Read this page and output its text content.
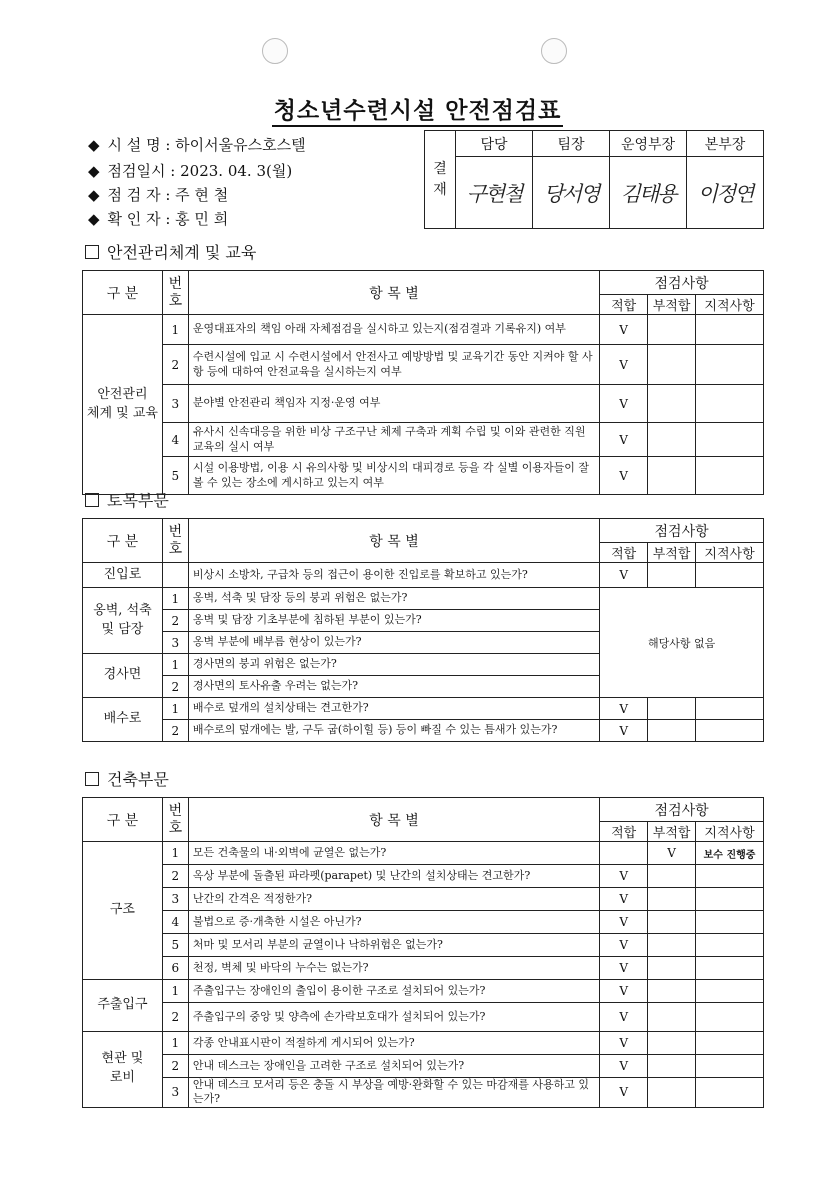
청소년수련시설 안전점검표
◆ 시 설 명 : 하이서울유스호스텔
◆ 점검일시 : 2023. 04. 3(월)
◆ 점 검 자 : 주 현 철
◆ 확 인 자 : 홍 민 희
결
재	담당	팀장	운영부장	본부장
	구현철	당서영	김태용	이정연
안전관리체계 및 교육
토목부문
건축부문
구 분	번
호	항 목 별	점검사항		
			적합	부적합	지적사항
안전관리
체계 및 교육	1	운영대표자의 책임 아래 자체점검을 실시하고 있는지(점검결과 기록유지) 여부	V		
	2	수련시설에 입교 시 수련시설에서 안전사고 예방방법 및 교육기간 동안 지켜야 할 사항 등에 대하여 안전교육을 실시하는지 여부	V		
	3	분야별 안전관리 책임자 지정·운영 여부	V		
	4	유사시 신속대응을 위한 비상 구조구난 체제 구축과 계획 수립 및 이와 관련한 직원 교육의 실시 여부	V		
	5	시설 이용방법, 이용 시 유의사항 및 비상시의 대피경로 등을 각 실별 이용자들이 잘 볼 수 있는 장소에 게시하고 있는지 여부	V		
구 분	번
호	항 목 별	점검사항		
			적합	부적합	지적사항
진입로		비상시 소방차, 구급차 등의 접근이 용이한 진입로를 확보하고 있는가?	V		
옹벽, 석축
및 담장	1	옹벽, 석축 및 담장 등의 붕괴 위험은 없는가?	해당사항 없음		
	2	옹벽 및 담장 기초부분에 침하된 부분이 있는가?			
	3	옹벽 부분에 배부름 현상이 있는가?			
경사면	1	경사면의 붕괴 위험은 없는가?			
	2	경사면의 토사유출 우려는 없는가?			
배수로	1	배수로 덮개의 설치상태는 견고한가?	V		
	2	배수로의 덮개에는 발, 구두 굽(하이힐 등) 등이 빠질 수 있는 틈새가 있는가?	V		
구 분	번
호	항 목 별	점검사항		
			적합	부적합	지적사항
구조	1	모든 건축물의 내·외벽에 균열은 없는가?		V	보수 진행중
	2	옥상 부분에 돌출된 파라펫(parapet) 및 난간의 설치상태는 견고한가?	V		
	3	난간의 간격은 적정한가?	V		
	4	불법으로 증·개축한 시설은 아닌가?	V		
	5	처마 및 모서리 부분의 균열이나 낙하위험은 없는가?	V		
	6	천정, 벽체 및 바닥의 누수는 없는가?	V		
주출입구	1	주출입구는 장애인의 출입이 용이한 구조로 설치되어 있는가?	V		
	2	주출입구의 중앙 및 양측에 손가락보호대가 설치되어 있는가?	V		
현관 및
로비	1	각종 안내표시판이 적절하게 게시되어 있는가?	V		
	2	안내 데스크는 장애인을 고려한 구조로 설치되어 있는가?	V		
	3	안내 데스크 모서리 등은 충돌 시 부상을 예방·완화할 수 있는 마감재를 사용하고 있는가?	V		
